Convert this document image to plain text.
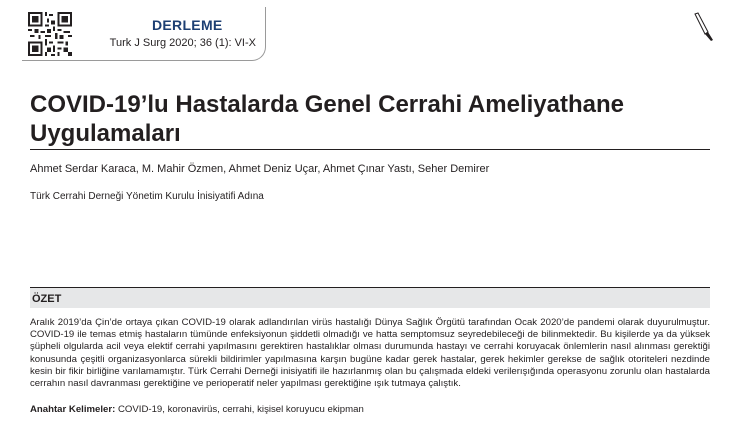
DERLEME
Turk J Surg 2020; 36 (1): VI-X
COVID-19’lu Hastalarda Genel Cerrahi Ameliyathane Uygulamaları
Ahmet Serdar Karaca, M. Mahir Özmen, Ahmet Deniz Uçar, Ahmet Çınar Yastı, Seher Demirer
Türk Cerrahi Derneği Yönetim Kurulu İnisiyatifi Adına
ÖZET

Aralık 2019’da Çin’de ortaya çıkan COVID-19 olarak adlandırılan virüs hastalığı Dünya Sağlık Örgütü tarafından Ocak 2020’de pandemi olarak duyurulmuştur. COVID-19 ile temas etmiş hastaların tümünde enfeksiyonun şiddetli olmadığı ve hatta semptomsuz seyredebileceği de bilinmektedir. Bu kişilerde ya da yüksek şüpheli olgularda acil veya elektif cerrahi yapılmasını gerektiren hastalıklar olması durumunda hastayı ve cerrahi koruyacak önlemlerin nasıl alınması gerektiği konusunda çeşitli organizasyonlarca sürekli bildirimler yapılmasına karşın bugüne kadar gerek hastalar, gerek hekimler gerekse de sağlık otoriteleri nezdinde kesin bir fikir birliğine varılamamıştır. Türk Cerrahi Derneği inisiyatifi ile hazırlanmış olan bu çalışmada eldeki verilerışığında operasyonu zorunlu olan hastalarda cerrahın nasıl davranması gerektiğine ve perioperatif neler yapılması gerektiğine ışık tutmaya çalıştık.

Anahtar Kelimeler: COVID-19, koronavirüs, cerrahi, kişisel koruyucu ekipman
